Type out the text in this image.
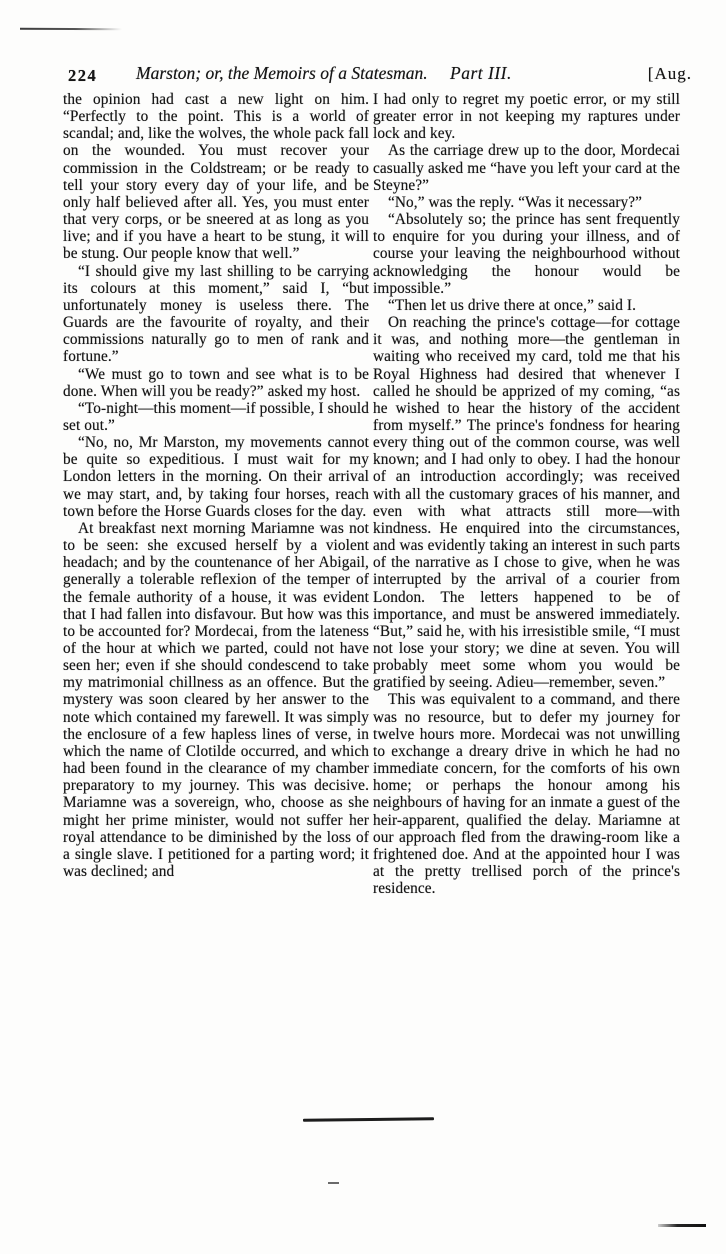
224 Marston; or, the Memoirs of a Statesman. Part III.	[Aug.

the opinion had cast a new light on him. “Perfectly to the point. This is a world of scandal; and, like the wolves, the whole pack fall on the wounded. You must recover your commission in the Coldstream; or be ready to tell your story every day of your life, and be only half believed after all. Yes, you must enter that very corps, or be sneered at as long as you live; and if you have a heart to be stung, it will be stung. Our people know that well.”

“I should give my last shilling to be carrying its colours at this moment,” said I, “but unfortunately money is useless there. The Guards are the favourite of royalty, and their commissions naturally go to men of rank and fortune.”

“We must go to town and see what is to be done. When will you be ready?” asked my host.

“To-night—this moment—if possible, I should set out.”

“No, no, Mr Marston, my movements cannot be quite so expeditious. I must wait for my London letters in the morning. On their arrival we may start, and, by taking four horses, reach town before the Horse Guards closes for the day.

At breakfast next morning Mariamne was not to be seen: she excused herself by a violent headach; and by the countenance of her Abigail, generally a tolerable reflexion of the temper of the female authority of a house, it was evident that I had fallen into disfavour. But how was this to be accounted for? Mordecai, from the lateness of the hour at which we parted, could not have seen her; even if she should condescend to take my matrimonial chillness as an offence. But the mystery was soon cleared by her answer to the note which contained my farewell. It was simply the enclosure of a few hapless lines of verse, in which the name of Clotilde occurred, and which had been found in the clearance of my chamber preparatory to my journey. This was decisive. Mariamne was a sovereign, who, choose as she might her prime minister, would not suffer her royal attendance to be diminished by the loss of a single slave. I petitioned for a parting word; it was declined; and

I had only to regret my poetic error, or my still greater error in not keeping my raptures under lock and key.

As the carriage drew up to the door, Mordecai casually asked me “have you left your card at the Steyne?”

“No,” was the reply. “Was it necessary?”

“Absolutely so; the prince has sent frequently to enquire for you during your illness, and of course your leaving the neighbourhood without acknowledging the honour would be impossible.”

“Then let us drive there at once,” said I.

On reaching the prince's cottage—for cottage it was, and nothing more—the gentleman in waiting who received my card, told me that his Royal Highness had desired that whenever I called he should be apprized of my coming, “as he wished to hear the history of the accident from myself.” The prince's fondness for hearing every thing out of the common course, was well known; and I had only to obey. I had the honour of an introduction accordingly; was received with all the customary graces of his manner, and even with what attracts still more—with kindness. He enquired into the circumstances, and was evidently taking an interest in such parts of the narrative as I chose to give, when he was interrupted by the arrival of a courier from London. The letters happened to be of importance, and must be answered immediately. “But,” said he, with his irresistible smile, “I must not lose your story; we dine at seven. You will probably meet some whom you would be gratified by seeing. Adieu—remember, seven.”

This was equivalent to a command, and there was no resource, but to defer my journey for twelve hours more. Mordecai was not unwilling to exchange a dreary drive in which he had no immediate concern, for the comforts of his own home; or perhaps the honour among his neighbours of having for an inmate a guest of the heir-apparent, qualified the delay. Mariamne at our approach fled from the drawing-room like a frightened doe. And at the appointed hour I was at the pretty trellised porch of the prince's residence.
